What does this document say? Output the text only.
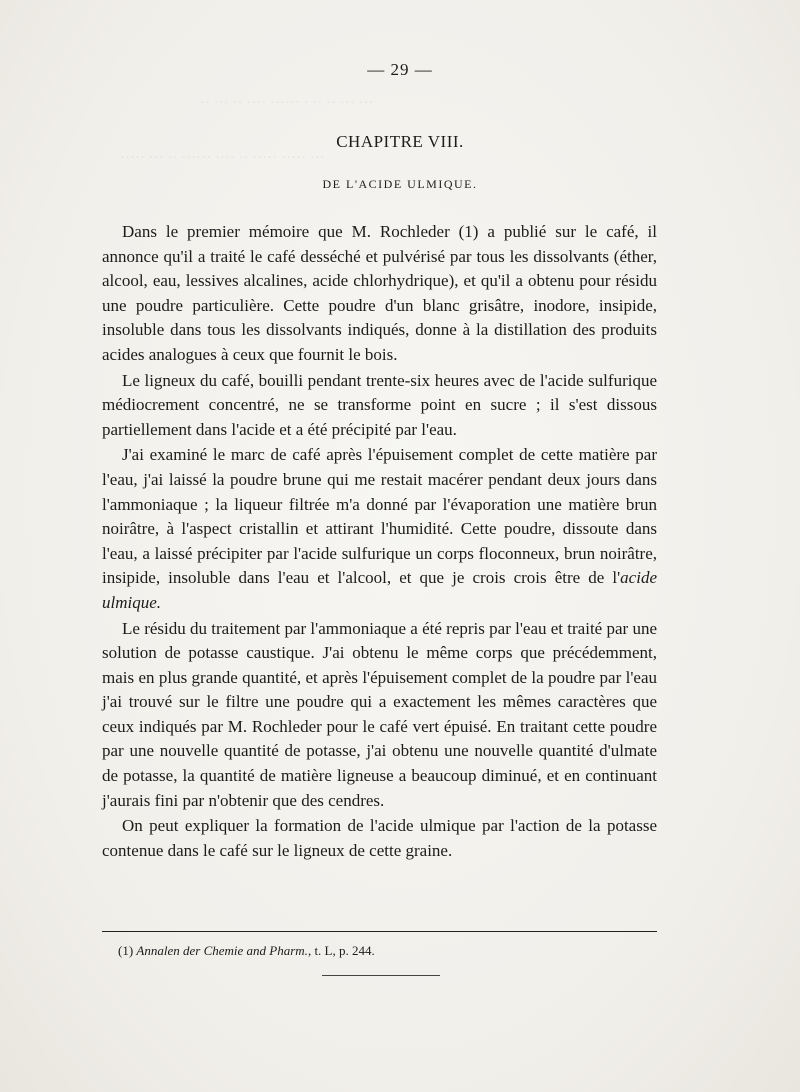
·· ··· ·· ···· ······ · ·· ·· ··· ···
····· ··· ·· ······ ···· ·· ····· ····· ···
— 29 —
CHAPITRE VIII.
DE L'ACIDE ULMIQUE.

Dans le premier mémoire que M. Rochleder (1) a publié sur le café, il annonce qu'il a traité le café desséché et pulvérisé par tous les dissolvants (éther, alcool, eau, lessives alcalines, acide chlorhydrique), et qu'il a obtenu pour résidu une poudre particulière. Cette poudre d'un blanc grisâtre, inodore, insipide, insoluble dans tous les dissolvants indiqués, donne à la distillation des produits acides analogues à ceux que fournit le bois.

Le ligneux du café, bouilli pendant trente-six heures avec de l'acide sulfurique médiocrement concentré, ne se transforme point en sucre ; il s'est dissous partiellement dans l'acide et a été précipité par l'eau.

J'ai examiné le marc de café après l'épuisement complet de cette matière par l'eau, j'ai laissé la poudre brune qui me restait macérer pendant deux jours dans l'ammoniaque ; la liqueur filtrée m'a donné par l'évaporation une matière brun noirâtre, à l'aspect cristallin et attirant l'humidité. Cette poudre, dissoute dans l'eau, a laissé précipiter par l'acide sulfurique un corps floconneux, brun noirâtre, insipide, insoluble dans l'eau et l'alcool, et que je crois crois être de l'acide ulmique.

Le résidu du traitement par l'ammoniaque a été repris par l'eau et traité par une solution de potasse caustique. J'ai obtenu le même corps que précédemment, mais en plus grande quantité, et après l'épuisement complet de la poudre par l'eau j'ai trouvé sur le filtre une poudre qui a exactement les mêmes caractères que ceux indiqués par M. Rochleder pour le café vert épuisé. En traitant cette poudre par une nouvelle quantité de potasse, j'ai obtenu une nouvelle quantité d'ulmate de potasse, la quantité de matière ligneuse a beaucoup diminué, et en continuant j'aurais fini par n'obtenir que des cendres.

On peut expliquer la formation de l'acide ulmique par l'action de la potasse contenue dans le café sur le ligneux de cette graine.

(1) Annalen der Chemie and Pharm., t. L, p. 244.
